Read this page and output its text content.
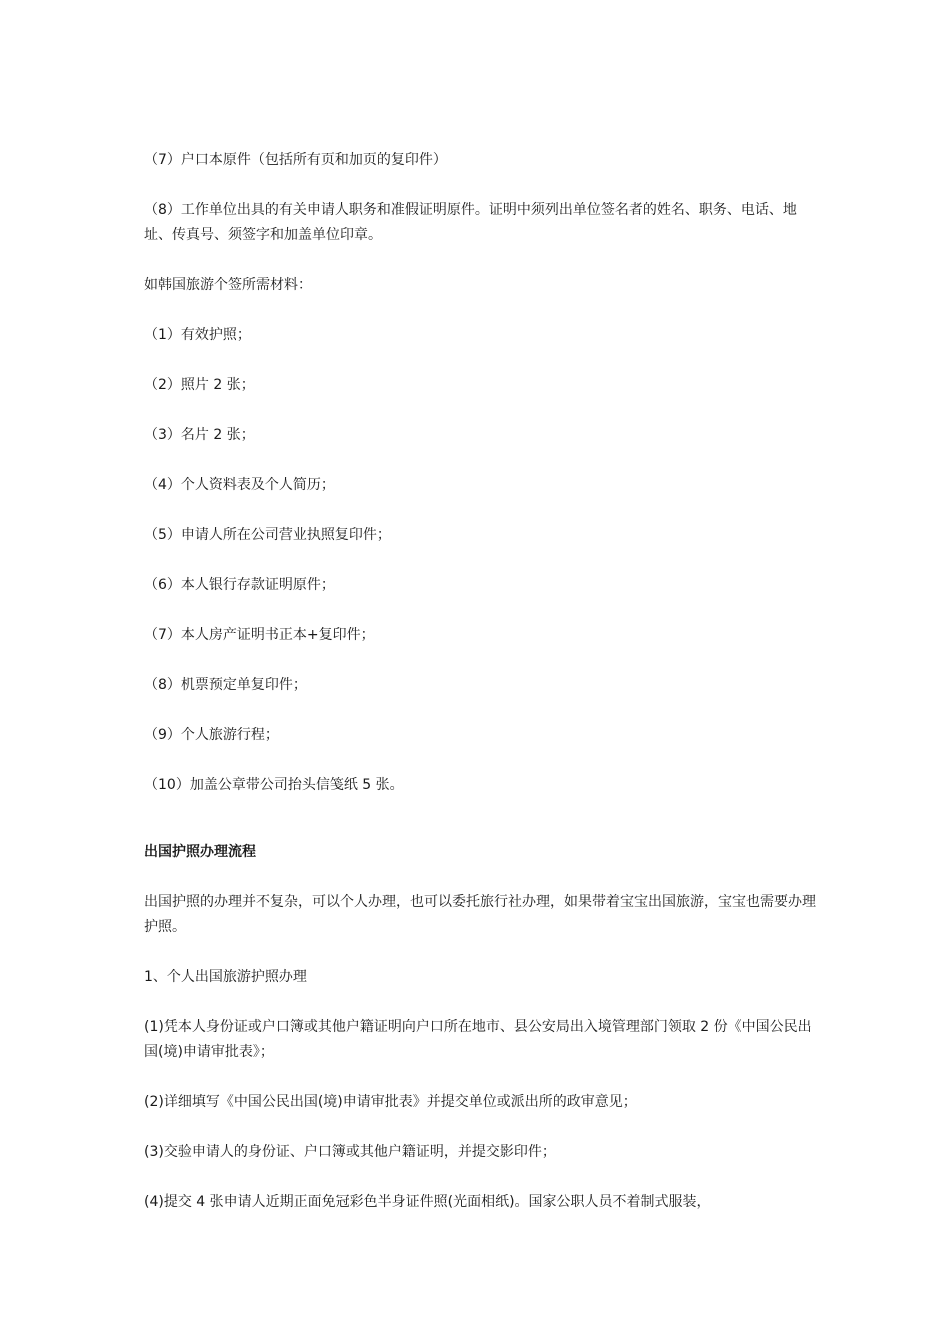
（7）户口本原件（包括所有页和加页的复印件）

（8）工作单位出具的有关申请人职务和准假证明原件。证明中须列出单位签名者的姓名、职务、电话、地址、传真号、须签字和加盖单位印章。

如韩国旅游个签所需材料：

（1）有效护照；

（2）照片 2 张；

（3）名片 2 张；

（4）个人资料表及个人简历；

（5）申请人所在公司营业执照复印件；

（6）本人银行存款证明原件；

（7）本人房产证明书正本+复印件；

（8）机票预定单复印件；

（9）个人旅游行程；

（10）加盖公章带公司抬头信笺纸 5 张。

出国护照办理流程

出国护照的办理并不复杂，可以个人办理，也可以委托旅行社办理，如果带着宝宝出国旅游，宝宝也需要办理护照。

1、个人出国旅游护照办理

(1)凭本人身份证或户口簿或其他户籍证明向户口所在地市、县公安局出入境管理部门领取 2 份《中国公民出国(境)申请审批表》；

(2)详细填写《中国公民出国(境)申请审批表》并提交单位或派出所的政审意见；

(3)交验申请人的身份证、户口簿或其他户籍证明，并提交影印件；

(4)提交 4 张申请人近期正面免冠彩色半身证件照(光面相纸)。国家公职人员不着制式服装，
